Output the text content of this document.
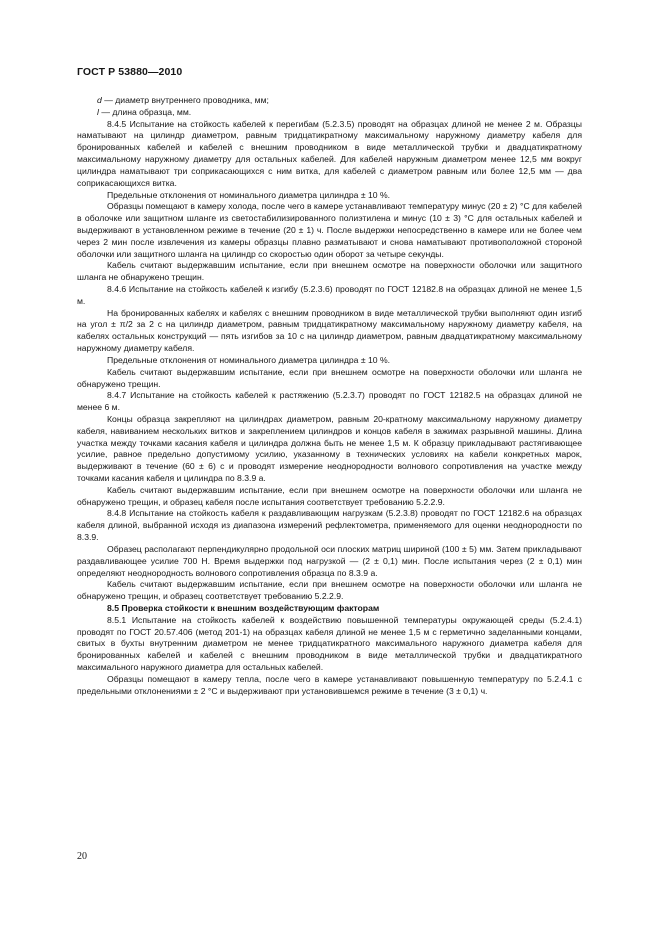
ГОСТ Р 53880—2010

d — диаметр внутреннего проводника, мм;

l — длина образца, мм.

8.4.5 Испытание на стойкость кабелей к перегибам (5.2.3.5) проводят на образцах длиной не менее 2 м. Образцы наматывают на цилиндр диаметром, равным тридцатикратному максимальному наружному диаметру кабеля для бронированных кабелей и кабелей с внешним проводником в виде металлической трубки и двадцатикратному максимальному наружному диаметру для остальных кабелей. Для кабелей наружным диаметром менее 12,5 мм вокруг цилиндра наматывают три соприкасающихся с ним витка, для кабелей с диаметром равным или более 12,5 мм — два соприкасающихся витка.

Предельные отклонения от номинального диаметра цилиндра ± 10 %.

Образцы помещают в камеру холода, после чего в камере устанавливают температуру минус (20 ± 2) °С для кабелей в оболочке или защитном шланге из светостабилизированного полиэтилена и минус (10 ± 3) °С для остальных кабелей и выдерживают в установленном режиме в течение (20 ± 1) ч. После выдержки непосредственно в камере или не более чем через 2 мин после извлечения из камеры образцы плавно разматывают и снова наматывают противоположной стороной оболочки или защитного шланга на цилиндр со скоростью один оборот за четыре секунды.

Кабель считают выдержавшим испытание, если при внешнем осмотре на поверхности оболочки или защитного шланга не обнаружено трещин.

8.4.6 Испытание на стойкость кабелей к изгибу (5.2.3.6) проводят по ГОСТ 12182.8 на образцах длиной не менее 1,5 м.

На бронированных кабелях и кабелях с внешним проводником в виде металлической трубки выполняют один изгиб на угол ± π/2 за 2 с на цилиндр диаметром, равным тридцатикратному максимальному наружному диаметру кабеля, на кабелях остальных конструкций — пять изгибов за 10 с на цилиндр диаметром, равным двадцатикратному максимальному наружному диаметру кабеля.

Предельные отклонения от номинального диаметра цилиндра ± 10 %.

Кабель считают выдержавшим испытание, если при внешнем осмотре на поверхности оболочки или шланга не обнаружено трещин.

8.4.7 Испытание на стойкость кабелей к растяжению (5.2.3.7) проводят по ГОСТ 12182.5 на образцах длиной не менее 6 м.

Концы образца закрепляют на цилиндрах диаметром, равным 20-кратному максимальному наружному диаметру кабеля, навиванием нескольких витков и закреплением цилиндров и концов кабеля в зажимах разрывной машины. Длина участка между точками касания кабеля и цилиндра должна быть не менее 1,5 м. К образцу прикладывают растягивающее усилие, равное предельно допустимому усилию, указанному в технических условиях на кабели конкретных марок, выдерживают в течение (60 ± 6) с и проводят измерение неоднородности волнового сопротивления на участке между точками касания кабеля и цилиндра по 8.3.9 а.

Кабель считают выдержавшим испытание, если при внешнем осмотре на поверхности оболочки или шланга не обнаружено трещин, и образец кабеля после испытания соответствует требованию 5.2.2.9.

8.4.8 Испытание на стойкость кабеля к раздавливающим нагрузкам (5.2.3.8) проводят по ГОСТ 12182.6 на образцах кабеля длиной, выбранной исходя из диапазона измерений рефлектометра, применяемого для оценки неоднородности по 8.3.9.

Образец располагают перпендикулярно продольной оси плоских матриц шириной (100 ± 5) мм. Затем прикладывают раздавливающее усилие 700 Н. Время выдержки под нагрузкой — (2 ± 0,1) мин. После испытания через (2 ± 0,1) мин определяют неоднородность волнового сопротивления образца по 8.3.9 а.

Кабель считают выдержавшим испытание, если при внешнем осмотре на поверхности оболочки или шланга не обнаружено трещин, и образец соответствует требованию 5.2.2.9.

8.5 Проверка стойкости к внешним воздействующим факторам

8.5.1 Испытание на стойкость кабелей к воздействию повышенной температуры окружающей среды (5.2.4.1) проводят по ГОСТ 20.57.406 (метод 201-1) на образцах кабеля длиной не менее 1,5 м с герметично заделанными концами, свитых в бухты внутренним диаметром не менее тридцатикратного максимального наружного диаметра кабеля для бронированных кабелей и кабелей с внешним проводником в виде металлической трубки и двадцатикратного максимального наружного диаметра для остальных кабелей.

Образцы помещают в камеру тепла, после чего в камере устанавливают повышенную температуру по 5.2.4.1 с предельными отклонениями ± 2 °С и выдерживают при установившемся режиме в течение (3 ± 0,1) ч.

20
